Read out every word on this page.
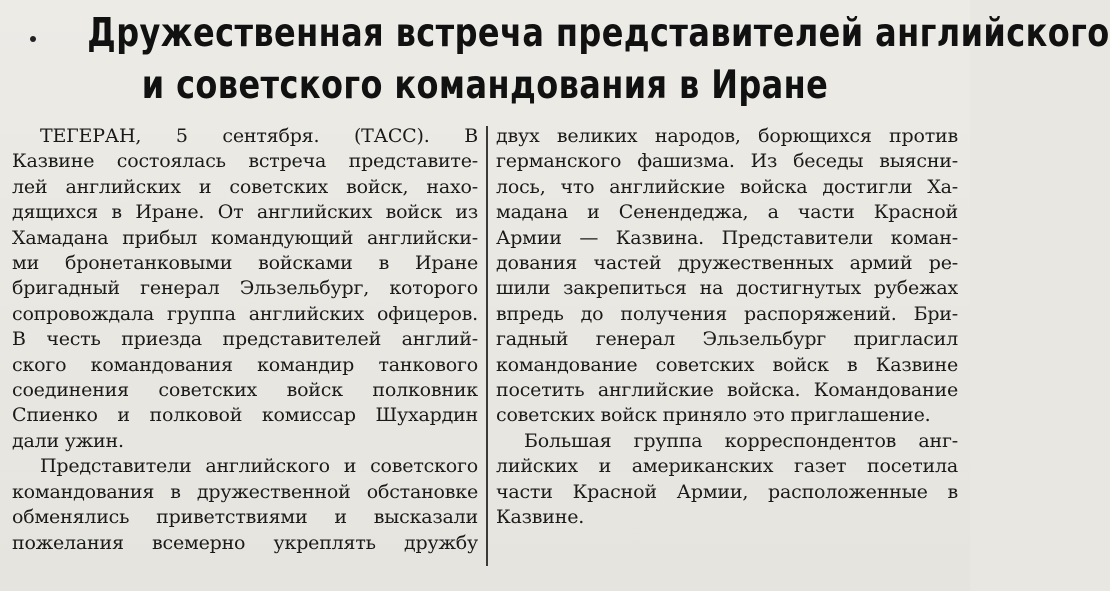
Дружественная встреча представителей английского
и советского командования в Иране
ТЕГЕРАН, 5 сентября. (ТАСС). В
Казвине состоялась встреча представите-
лей английских и советских войск, нахо-
дящихся в Иране. От английских войск из
Хамадана прибыл командующий английски-
ми бронетанковыми войсками в Иране
бригадный генерал Эльзельбург, которого
сопровождала группа английских офицеров.
В честь приезда представителей англий-
ского командования командир танкового
соединения советских войск полковник
Спиенко и полковой комиссар Шухардин
дали ужин.
Представители английского и советского
командования в дружественной обстановке
обменялись приветствиями и высказали
пожелания всемерно укреплять дружбу
двух великих народов, борющихся против
германского фашизма. Из беседы выясни-
лось, что английские войска достигли Ха-
мадана и Сенендеджа, а части Красной
Армии — Казвина. Представители коман-
дования частей дружественных армий ре-
шили закрепиться на достигнутых рубежах
впредь до получения распоряжений. Бри-
гадный генерал Эльзельбург пригласил
командование советских войск в Казвине
посетить английские войска. Командование
советских войск приняло это приглашение.
Большая группа корреспондентов анг-
лийских и американских газет посетила
части Красной Армии, расположенные в
Казвине.
